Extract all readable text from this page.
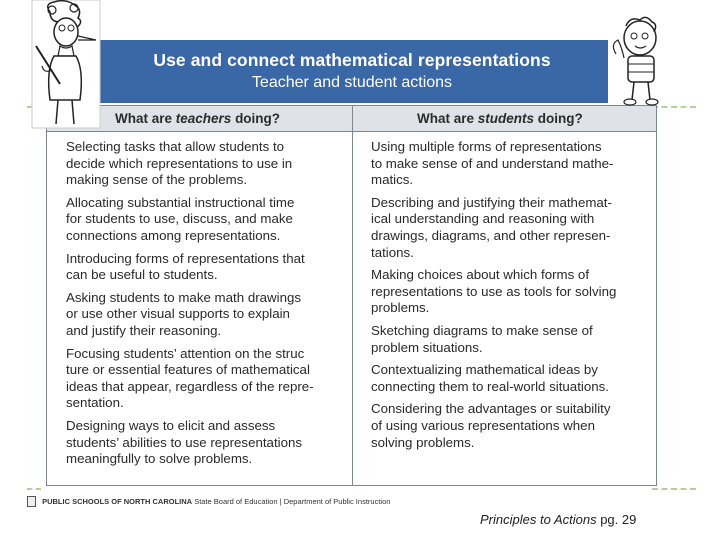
Use and connect mathematical representations
Teacher and student actions
What are teachers doing?	What are students doing?

Selecting tasks that allow students to
decide which representations to use in
making sense of the problems.

Allocating substantial instructional time
for students to use, discuss, and make
connections among representations.

Introducing forms of representations that
can be useful to students.

Asking students to make math drawings
or use other visual supports to explain
and justify their reasoning.

Focusing students’ attention on the struc
ture or essential features of mathematical
ideas that appear, regardless of the repre-
sentation.

Designing ways to elicit and assess
students’ abilities to use representations
meaningfully to solve problems.

Using multiple forms of representations
to make sense of and understand mathe-
matics.

Describing and justifying their mathemat-
ical understanding and reasoning with
drawings, diagrams, and other represen-
tations.

Making choices about which forms of
representations to use as tools for solving
problems.

Sketching diagrams to make sense of
problem situations.

Contextualizing mathematical ideas by
connecting them to real-world situations.

Considering the advantages or suitability
of using various representations when
solving problems.

PUBLIC SCHOOLS OF NORTH CAROLINA State Board of Education | Department of Public Instruction
Principles to Actions pg. 29
